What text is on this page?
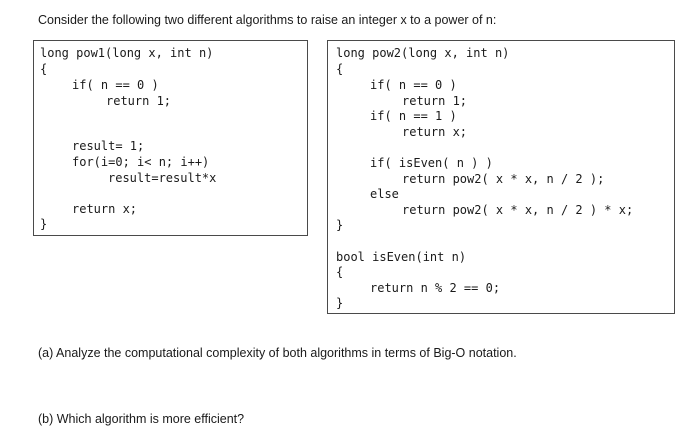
Consider the following two different algorithms to raise an integer x to a power of n:
long pow1(long x, int n)
{
if( n == 0 )
return 1;
result= 1;
for(i=0; i< n; i++)
result=result*x
return x;
}
long pow2(long x, int n)
{
if( n == 0 )
return 1;
if( n == 1 )
return x;
if( isEven( n ) )
return pow2( x * x, n / 2 );
else
return pow2( x * x, n / 2 ) * x;
}
bool isEven(int n)
{
return n % 2 == 0;
}
(a) Analyze the computational complexity of both algorithms in terms of Big-O notation.
(b) Which algorithm is more efficient?
